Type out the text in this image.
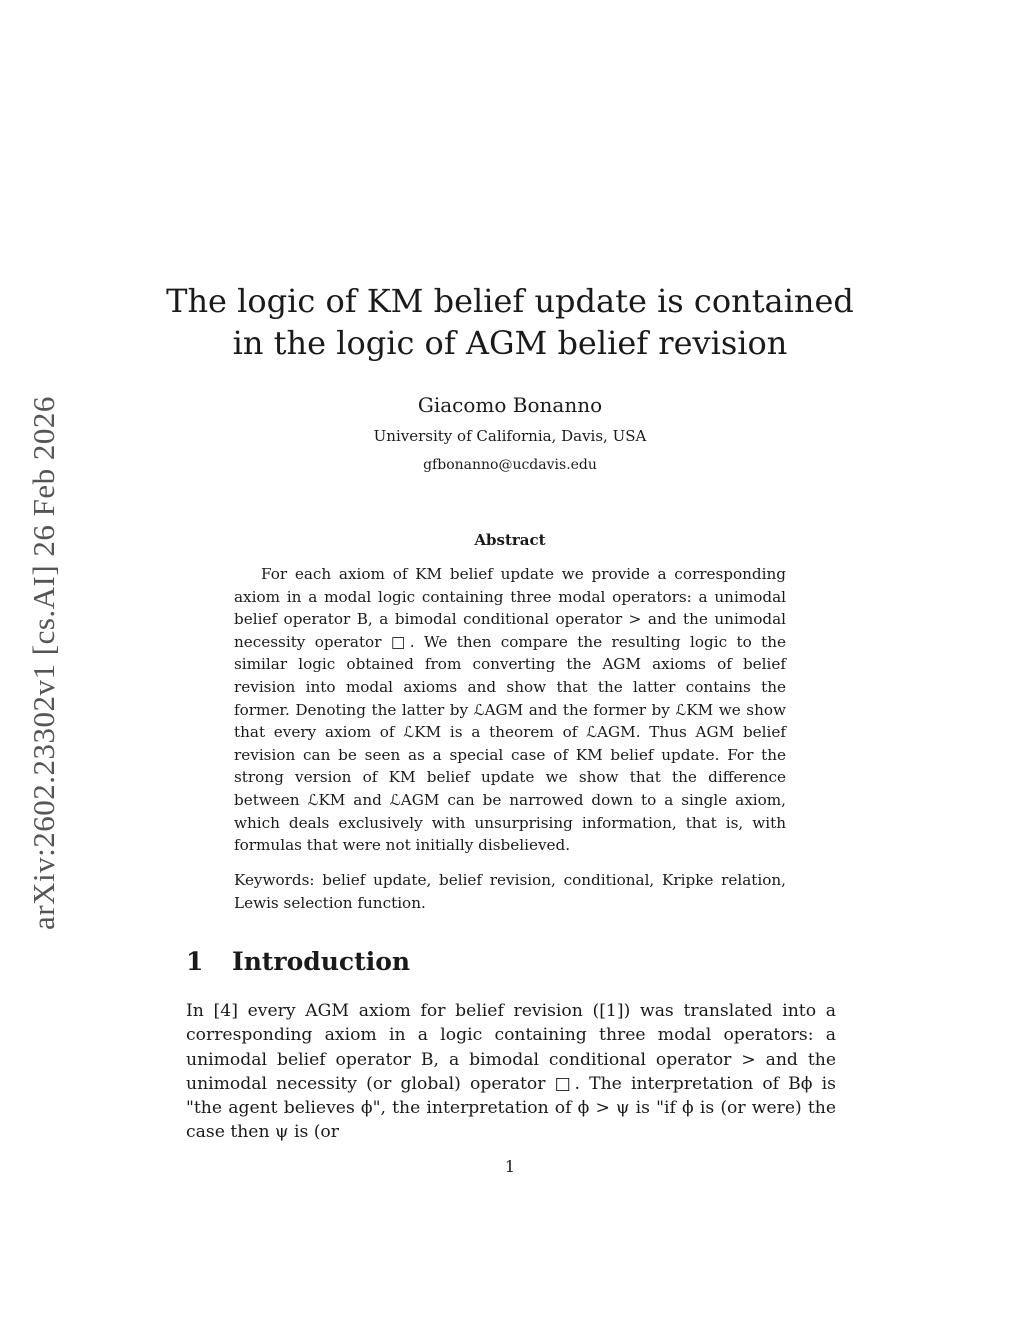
arXiv:2602.23302v1 [cs.AI] 26 Feb 2026
The logic of KM belief update is contained in the logic of AGM belief revision
Giacomo Bonanno
University of California, Davis, USA
gfbonanno@ucdavis.edu
Abstract

For each axiom of KM belief update we provide a corresponding axiom in a modal logic containing three modal operators: a unimodal belief operator B, a bimodal conditional operator > and the unimodal necessity operator □. We then compare the resulting logic to the similar logic obtained from converting the AGM axioms of belief revision into modal axioms and show that the latter contains the former. Denoting the latter by ℒAGM and the former by ℒKM we show that every axiom of ℒKM is a theorem of ℒAGM. Thus AGM belief revision can be seen as a special case of KM belief update. For the strong version of KM belief update we show that the difference between ℒKM and ℒAGM can be narrowed down to a single axiom, which deals exclusively with unsurprising information, that is, with formulas that were not initially disbelieved.

Keywords: belief update, belief revision, conditional, Kripke relation, Lewis selection function.

1 Introduction

In [4] every AGM axiom for belief revision ([1]) was translated into a corresponding axiom in a logic containing three modal operators: a unimodal belief operator B, a bimodal conditional operator > and the unimodal necessity (or global) operator □. The interpretation of Bϕ is "the agent believes ϕ", the interpretation of ϕ > ψ is "if ϕ is (or were) the case then ψ is (or

1
